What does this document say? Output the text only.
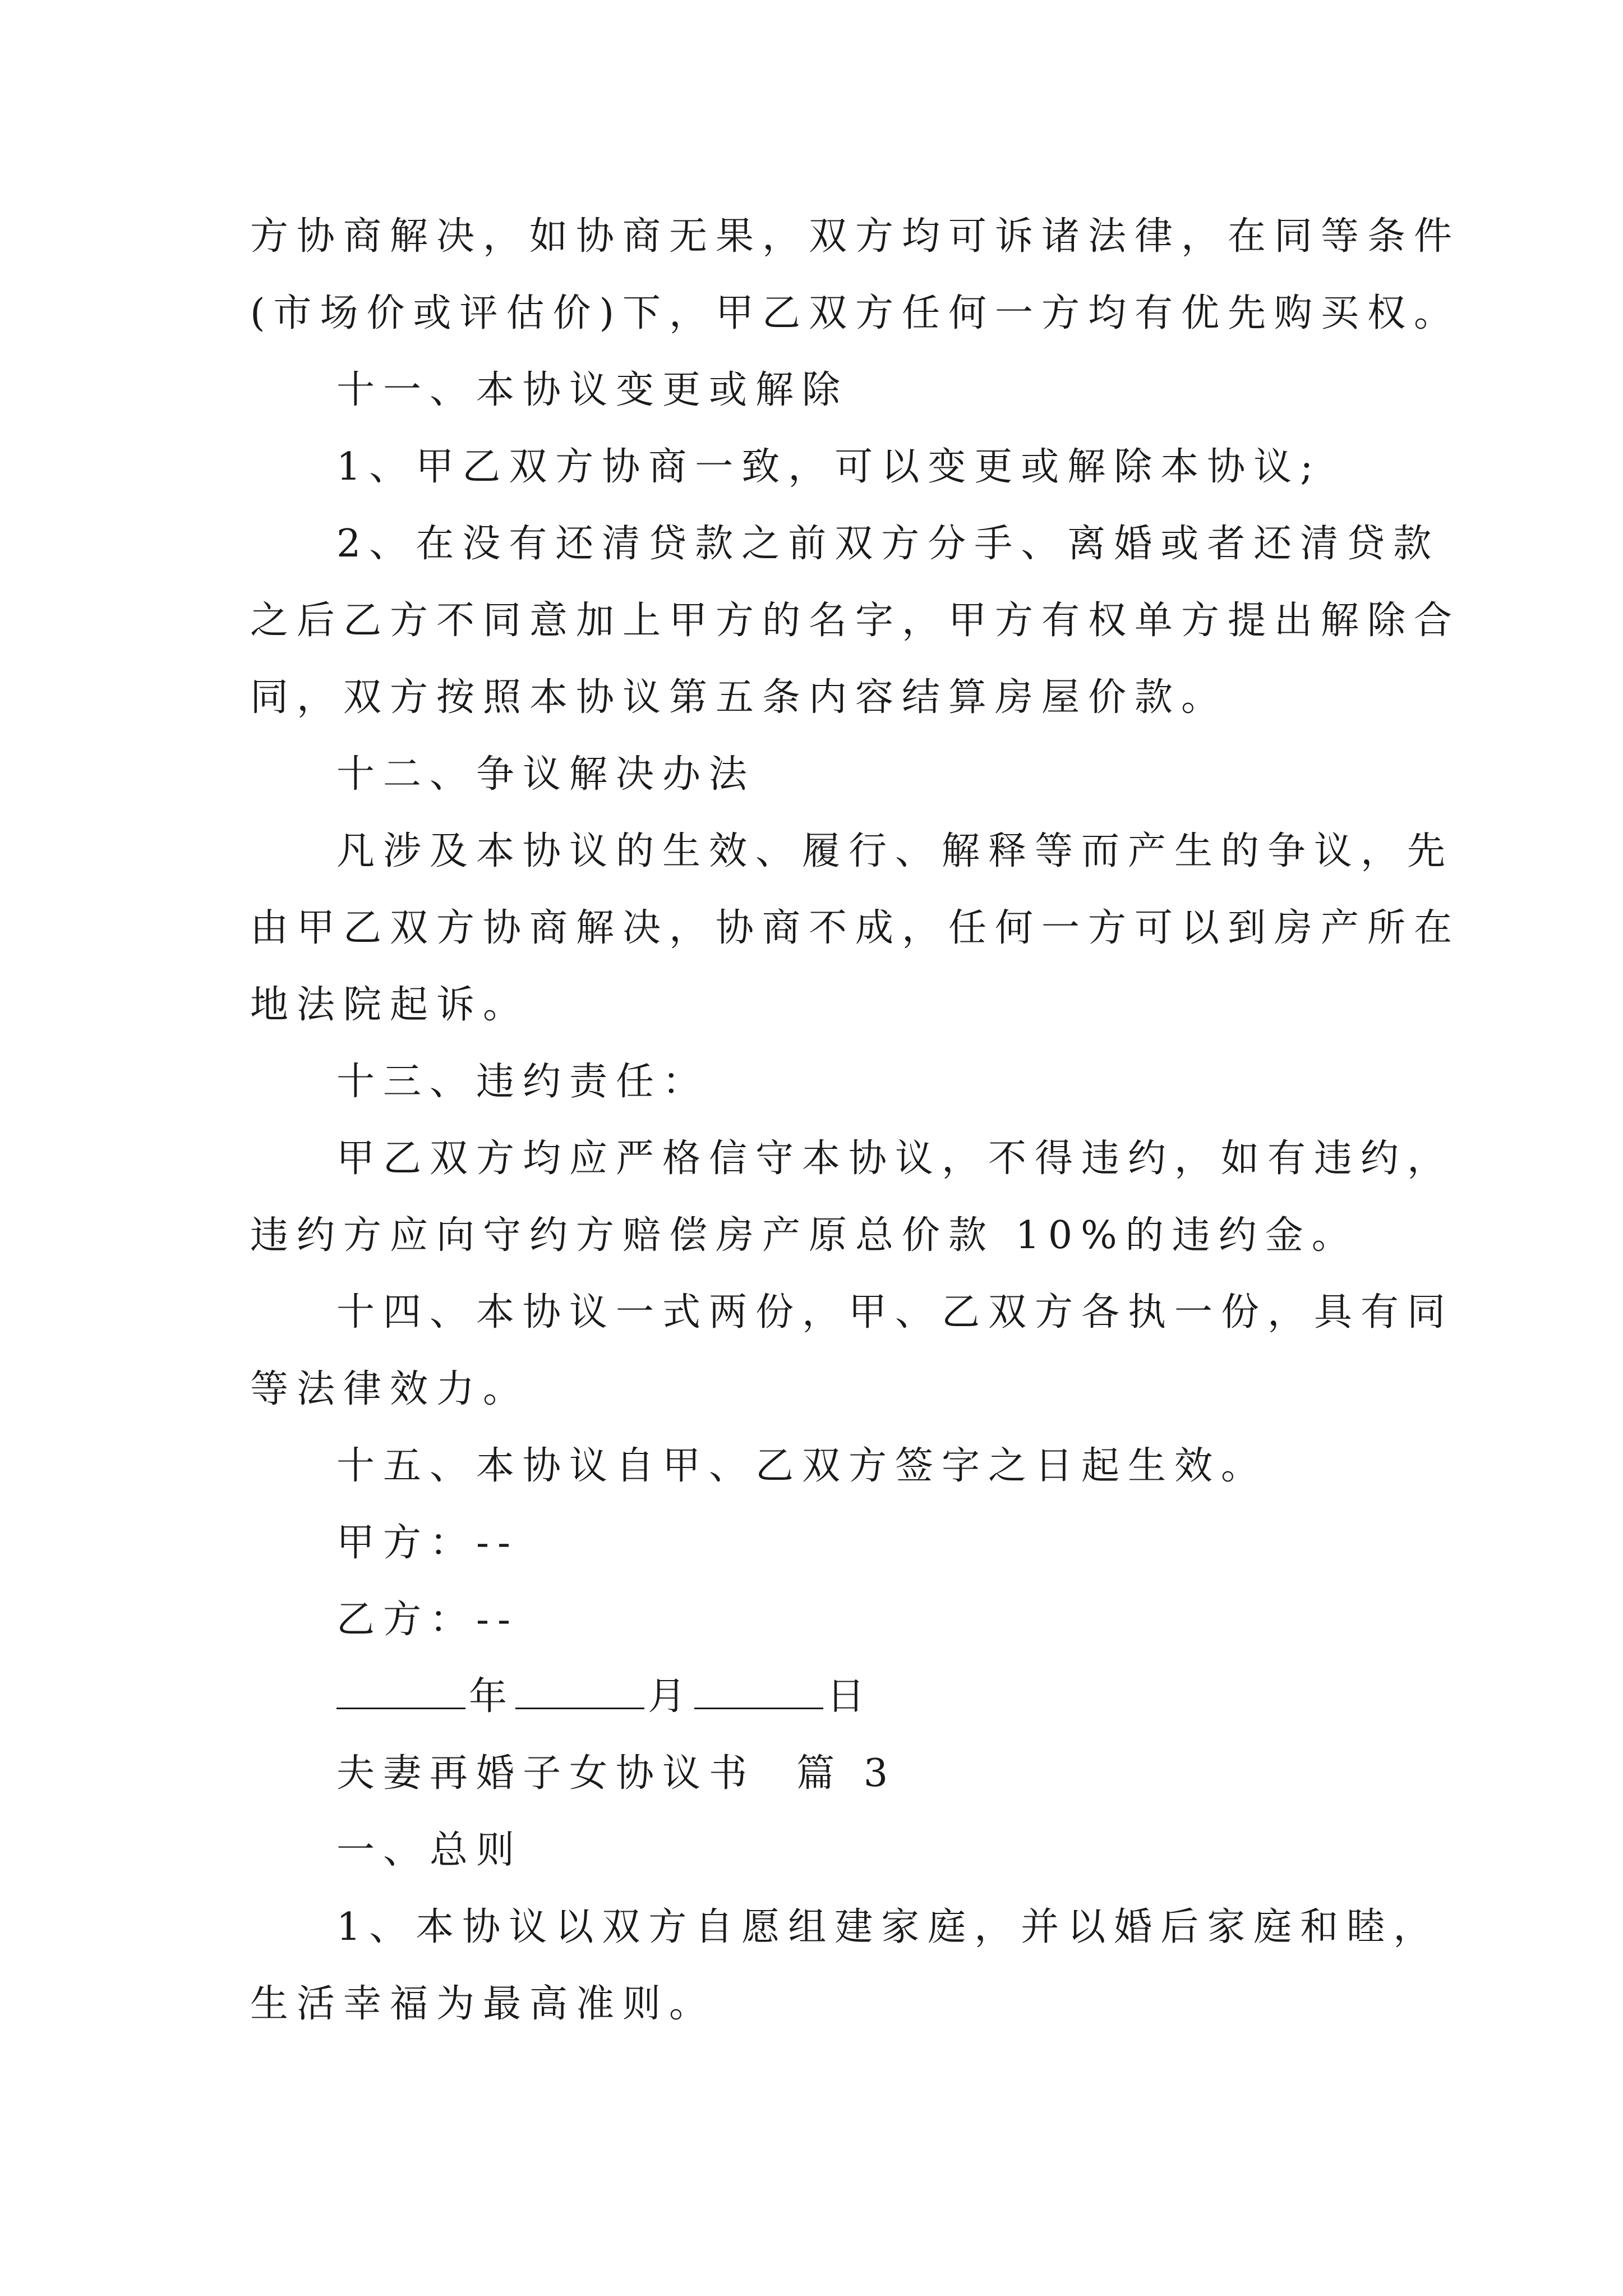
方协商解决，如协商无果，双方均可诉诸法律，在同等条件
(市场价或评估价)下，甲乙双方任何一方均有优先购买权。
十一、本协议变更或解除
1、甲乙双方协商一致，可以变更或解除本协议;
2、在没有还清贷款之前双方分手、离婚或者还清贷款
之后乙方不同意加上甲方的名字，甲方有权单方提出解除合
同，双方按照本协议第五条内容结算房屋价款。
十二、争议解决办法
凡涉及本协议的生效、履行、解释等而产生的争议，先
由甲乙双方协商解决，协商不成，任何一方可以到房产所在
地法院起诉。
十三、违约责任：
甲乙双方均应严格信守本协议，不得违约，如有违约，
违约方应向守约方赔偿房产原总价款 10%的违约金。
十四、本协议一式两份，甲、乙双方各执一份，具有同
等法律效力。
十五、本协议自甲、乙双方签字之日起生效。
甲方：--
乙方：--
年	月	日
夫妻再婚子女协议书  篇 3
一、总则
1、本协议以双方自愿组建家庭，并以婚后家庭和睦，
生活幸福为最高准则。
